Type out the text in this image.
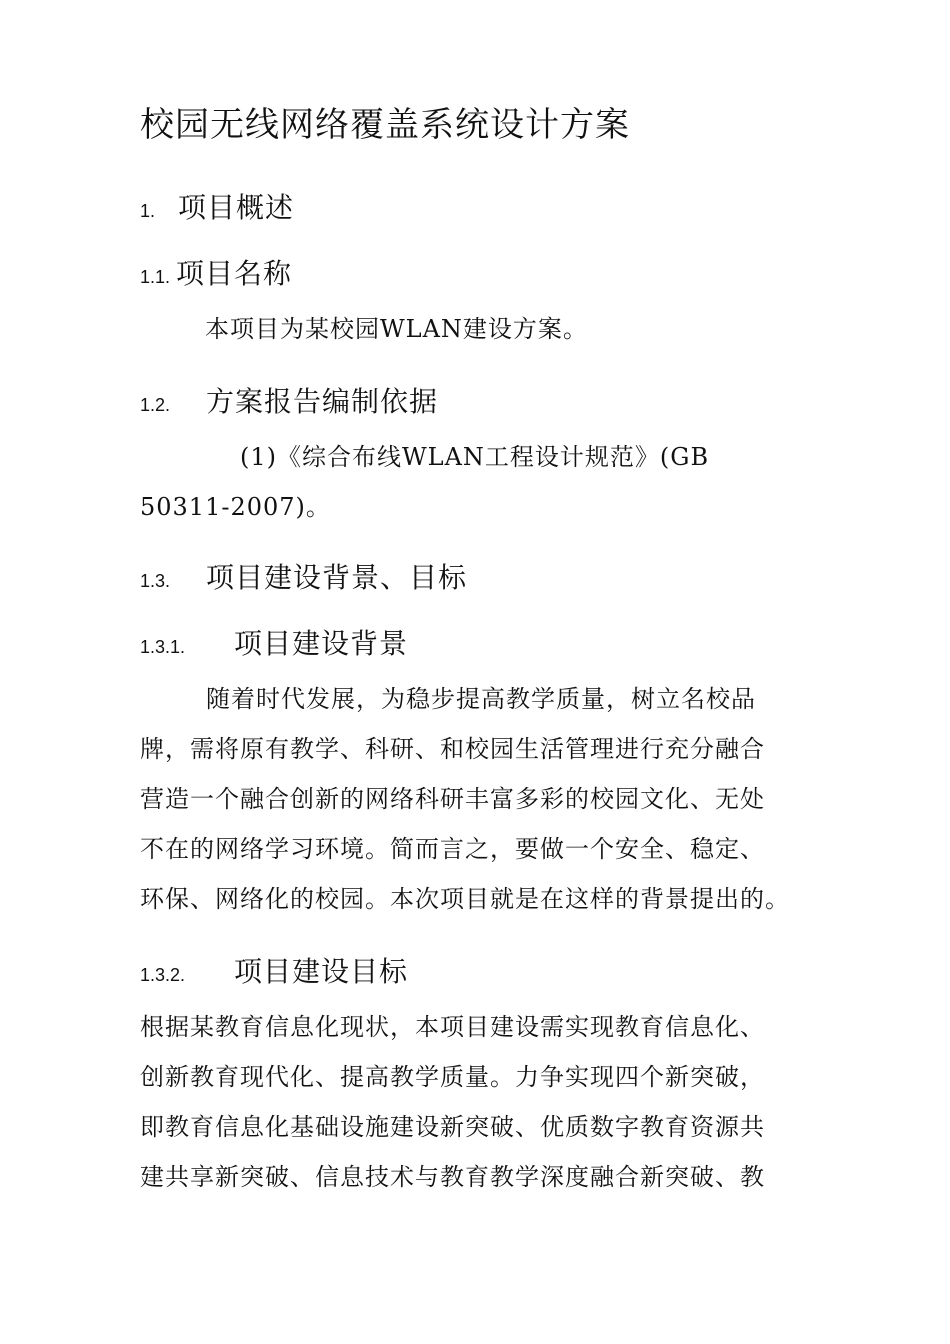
校园无线网络覆盖系统设计方案
1. 项目概述
1.1. 项目名称
本项目为某校园WLAN建设方案。
1.2.	方案报告编制依据
(1)《综合布线WLAN工程设计规范》(GB
50311-2007)。
1.3.	项目建设背景、目标
1.3.1.	项目建设背景
随着时代发展，为稳步提高教学质量，树立名校品
牌，需将原有教学、科研、和校园生活管理进行充分融合
营造一个融合创新的网络科研丰富多彩的校园文化、无处
不在的网络学习环境。简而言之，要做一个安全、稳定、
环保、网络化的校园。本次项目就是在这样的背景提出的。
1.3.2.	项目建设目标
根据某教育信息化现状，本项目建设需实现教育信息化、
创新教育现代化、提高教学质量。力争实现四个新突破，
即教育信息化基础设施建设新突破、优质数字教育资源共
建共享新突破、信息技术与教育教学深度融合新突破、教
